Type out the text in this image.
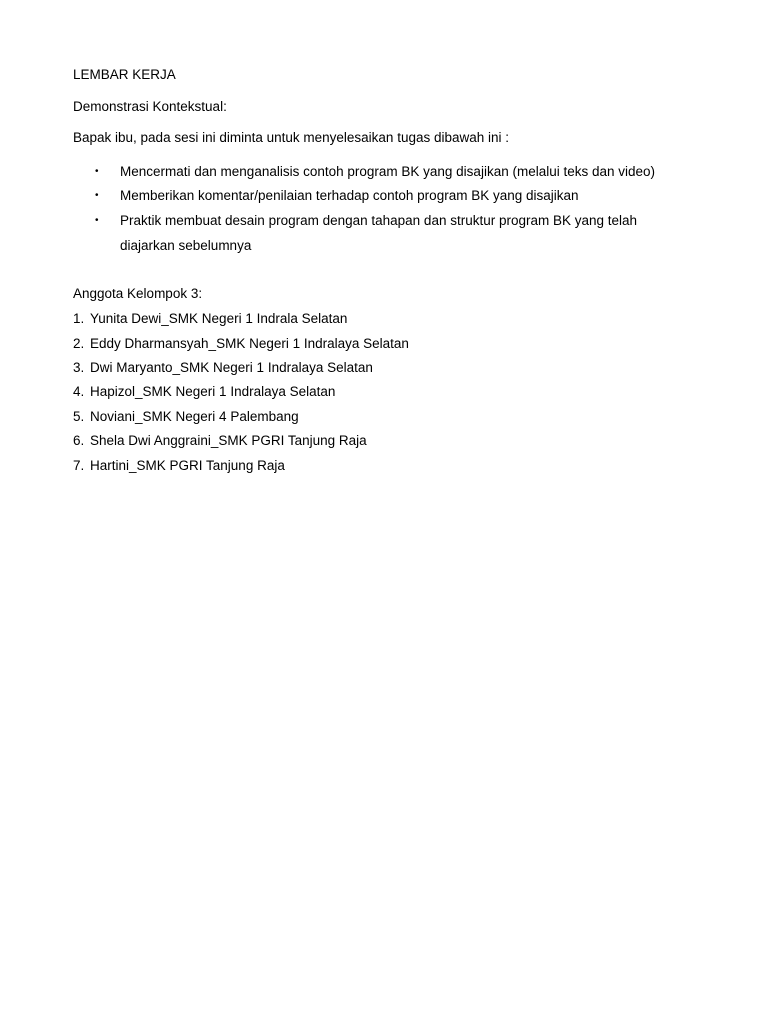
LEMBAR KERJA
Demonstrasi Kontekstual:
Bapak ibu, pada sesi ini diminta untuk menyelesaikan tugas dibawah ini :
• Mencermati dan menganalisis contoh program BK yang disajikan (melalui teks dan video)
• Memberikan komentar/penilaian terhadap contoh program BK yang disajikan
• Praktik membuat desain program dengan tahapan dan struktur program BK yang telah
diajarkan sebelumnya
Anggota Kelompok 3:
1. Yunita Dewi_SMK Negeri 1 Indrala Selatan
2. Eddy Dharmansyah_SMK Negeri 1 Indralaya Selatan
3. Dwi Maryanto_SMK Negeri 1 Indralaya Selatan
4. Hapizol_SMK Negeri 1 Indralaya Selatan
5. Noviani_SMK Negeri 4 Palembang
6. Shela Dwi Anggraini_SMK PGRI Tanjung Raja
7. Hartini_SMK PGRI Tanjung Raja
